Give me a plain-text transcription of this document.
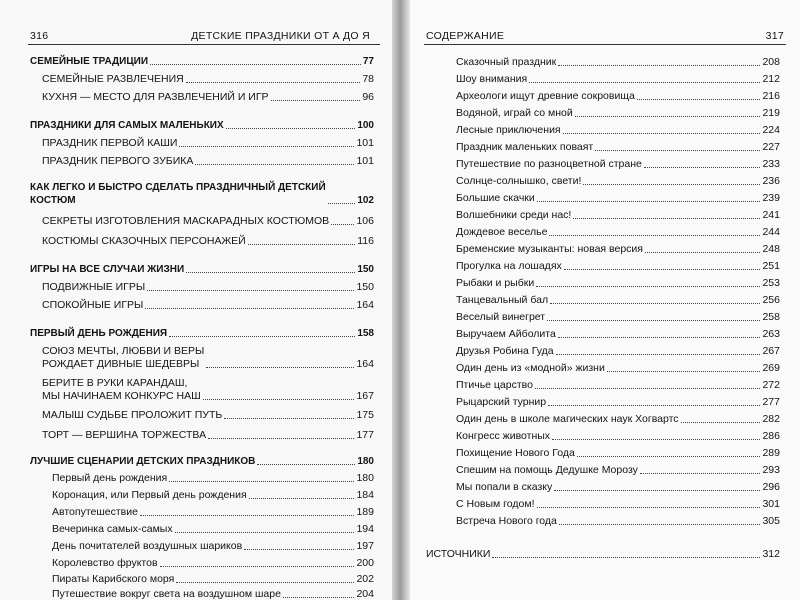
316	ДЕТСКИЕ ПРАЗДНИКИ ОТ А ДО Я
СЕМЕЙНЫЕ ТРАДИЦИИ	77
СЕМЕЙНЫЕ РАЗВЛЕЧЕНИЯ	78
КУХНЯ — МЕСТО ДЛЯ РАЗВЛЕЧЕНИЙ И ИГР	96
ПРАЗДНИКИ ДЛЯ САМЫХ МАЛЕНЬКИХ	100
ПРАЗДНИК ПЕРВОЙ КАШИ	101
ПРАЗДНИК ПЕРВОГО ЗУБИКА	101
КАК ЛЕГКО И БЫСТРО СДЕЛАТЬ ПРАЗДНИЧНЫЙ ДЕТСКИЙ
КОСТЮМ	102
СЕКРЕТЫ ИЗГОТОВЛЕНИЯ МАСКАРАДНЫХ КОСТЮМОВ	106
КОСТЮМЫ СКАЗОЧНЫХ ПЕРСОНАЖЕЙ	116
ИГРЫ НА ВСЕ СЛУЧАИ ЖИЗНИ	150
ПОДВИЖНЫЕ ИГРЫ	150
СПОКОЙНЫЕ ИГРЫ	164
ПЕРВЫЙ ДЕНЬ РОЖДЕНИЯ	158
СОЮЗ МЕЧТЫ, ЛЮБВИ И ВЕРЫ
РОЖДАЕТ ДИВНЫЕ ШЕДЕВРЫ	164
БЕРИТЕ В РУКИ КАРАНДАШ,
МЫ НАЧИНАЕМ КОНКУРС НАШ	167
МАЛЫШ СУДЬБЕ ПРОЛОЖИТ ПУТЬ	175
ТОРТ — ВЕРШИНА ТОРЖЕСТВА	177
ЛУЧШИЕ СЦЕНАРИИ ДЕТСКИХ ПРАЗДНИКОВ	180
Первый день рождения	180
Коронация, или Первый день рождения	184
Автопутешествие	189
Вечеринка самых-самых	194
День почитателей воздушных шариков	197
Королевство фруктов	200
Пираты Карибского моря	202
Путешествие вокруг света на воздушном шаре	204
СОДЕРЖАНИЕ	317
Сказочный праздник	208
Шоу внимания	212
Археологи ищут древние сокровища	216
Водяной, играй со мной	219
Лесные приключения	224
Праздник маленьких поваят	227
Путешествие по разноцветной стране	233
Солнце-солнышко, свети!	236
Большие скачки	239
Волшебники среди нас!	241
Дождевое веселье	244
Бременские музыканты: новая версия	248
Прогулка на лошадях	251
Рыбаки и рыбки	253
Танцевальный бал	256
Веселый винегрет	258
Выручаем Айболита	263
Друзья Робина Гуда	267
Один день из «модной» жизни	269
Птичье царство	272
Рыцарский турнир	277
Один день в школе магических наук Хогвартс	282
Конгресс животных	286
Похищение Нового Года	289
Спешим на помощь Дедушке Морозу	293
Мы попали в сказку	296
С Новым годом!	301
Встреча Нового года	305
ИСТОЧНИКИ	312
